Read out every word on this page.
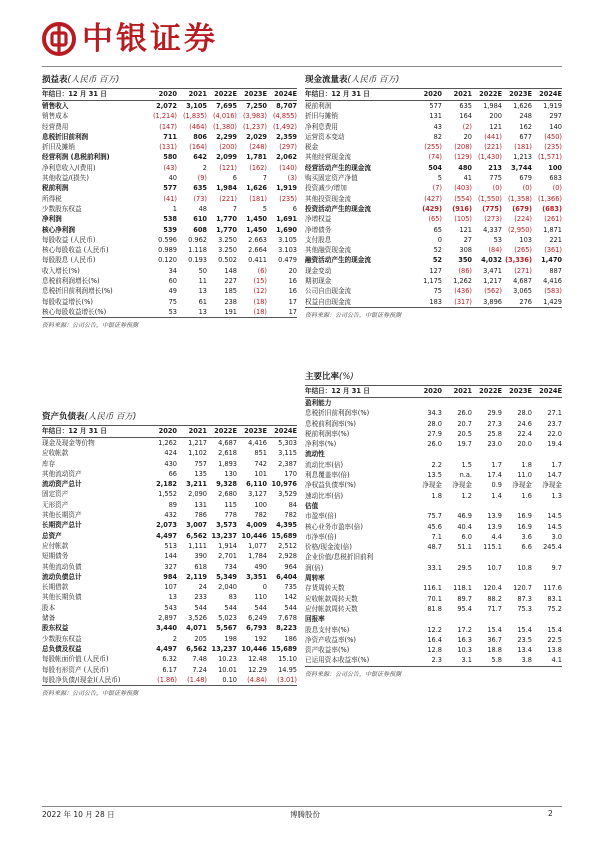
中银证券
损益表(人民币 百万)
年结日：12 月 31 日	2020	2021	2022E	2023E	2024E
销售收入	2,072	3,105	7,695	7,250	8,707
销售成本	(1,214) (1,835) (4,016) (3,983) (4,855)
经营费用	(147)	(464) (1,380) (1,237) (1,492)
息税折旧前利润	711	806	2,299	2,029	2,359
折旧及摊销	(131)	(164)	(200)	(248)	(297)
经营利润 (息税前利润)	580	642	2,099	1,781	2,062
净利息收入/(费用)	(43)	2	(121)	(162)	(140)
其他收益/(损失)	40	(9)	6	7	(3)
税前利润	577	635	1,984	1,626	1,919
所得税	(41)	(73)	(221)	(181)	(235)
少数股东权益	1	48	7	5	6
净利润	538	610	1,770	1,450	1,691
核心净利润	539	608	1,770	1,450	1,690
每股收益 (人民币)	0.596	0.962	3.250	2.663	3.105
核心每股收益 (人民币)	0.989	1.118	3.250	2.664	3.103
每股股息 (人民币)	0.120	0.193	0.502	0.411	0.479
收入增长(%)	34	50	148	(6)	20
息税前利润增长(%)	60	11	227	(15)	16
息税折旧前利润增长(%)	49	13	185	(12)	16
每股收益增长(%)	75	61	238	(18)	17
核心每股收益增长(%)	53	13	191	(18)	17
资料来源：公司公告，中银证券预测
资产负债表(人民币 百万)
年结日：12 月 31 日	2020	2021	2022E	2023E	2024E
现金及现金等价物	1,262	1,217	4,687	4,416	5,303
应收帐款	424	1,102	2,618	851	3,115
库存	430	757	1,893	742	2,387
其他流动资产	66	135	130	101	170
流动资产总计	2,182	3,211	9,328	6,110 10,976
固定资产	1,552	2,090	2,680	3,127	3,529
无形资产	89	131	115	100	84
其他长期资产	432	786	778	782	782
长期资产总计	2,073	3,007	3,573	4,009	4,395
总资产	4,497	6,562 13,237 10,446 15,689
应付帐款	513	1,111	1,914	1,077	2,512
短期债务	144	390	2,701	1,784	2,928
其他流动负债	327	618	734	490	964
流动负债总计	984	2,119	5,349	3,351	6,404
长期借款	107	24	2,040	0	735
其他长期负债	13	233	83	110	142
股本	543	544	544	544	544
储备	2,897	3,526	5,023	6,249	7,678
股东权益	3,440	4,071	5,567	6,793	8,223
少数股东权益	2	205	198	192	186
总负债及权益	4,497	6,562 13,237 10,446 15,689
每股帐面价值 (人民币)	6.32	7.48	10.23	12.48	15.10
每股有形资产 (人民币)	6.17	7.24	10.01	12.29	14.95
每股净负债/(现金)(人民币)	(1.86)	(1.48)	0.10	(4.84)	(3.01)
资料来源：公司公告，中银证券预测
现金流量表(人民币 百万)
年结日：12 月 31 日	2020	2021	2022E	2023E	2024E
税前利润	577	635	1,984	1,626	1,919
折旧与摊销	131	164	200	248	297
净利息费用	43	(2)	121	162	140
运营资本变动	82	20	(441)	677	(450)
税金	(255)	(208)	(221)	(181)	(235)
其他经营现金流	(74)	(129) (1,430)	1,213 (1,571)
经营活动产生的现金流	504	480	213	3,744	100
购买固定资产净值	5	41	775	679	683
投资减少/增加	(7)	(403)	(0)	(0)	(0)
其他投资现金流	(427)	(554) (1,550) (1,358) (1,366)
投资活动产生的现金流	(429)	(916)	(775)	(679)	(683)
净增权益	(65)	(105)	(273)	(224)	(261)
净增债务	65	121	4,337 (2,950)	1,871
支付股息	0	27	53	103	221
其他融资现金流	52	308	(84)	(265)	(361)
融资活动产生的现金流	52	350	4,032 (3,336)	1,470
现金变动	127	(86)	3,471	(271)	887
期初现金	1,175	1,262	1,217	4,687	4,416
公司自由现金流	75	(436)	(562)	3,065	(583)
权益自由现金流	183	(317)	3,896	276	1,429
资料来源：公司公告，中银证券预测
主要比率(%)
年结日：12 月 31 日	2020	2021	2022E	2023E	2024E
盈利能力
息税折旧前利润率(%)	34.3	26.0	29.9	28.0	27.1
息税前利润率(%)	28.0	20.7	27.3	24.6	23.7
税前利润率(%)	27.9	20.5	25.8	22.4	22.0
净利率(%)	26.0	19.7	23.0	20.0	19.4
流动性
流动比率(倍)	2.2	1.5	1.7	1.8	1.7
利息覆盖率(倍)	13.5	n.a.	17.4	11.0	14.7
净权益负债率(%)	净现金	净现金	0.9	净现金	净现金
速动比率(倍)	1.8	1.2	1.4	1.6	1.3
估值
市盈率(倍)	75.7	46.9	13.9	16.9	14.5
核心业务市盈率(倍)	45.6	40.4	13.9	16.9	14.5
市净率(倍)	7.1	6.0	4.4	3.6	3.0
价格/现金流(倍)	48.7	51.1	115.1	6.6	245.4
企业价值/息税折旧前利
润(倍)	33.1	29.5	10.7	10.8	9.7
周转率
存货周转天数	116.1	118.1	120.4	120.7	117.6
应收帐款周转天数	70.1	89.7	88.2	87.3	83.1
应付帐款周转天数	81.8	95.4	71.7	75.3	75.2
回报率
股息支付率(%)	12.2	17.2	15.4	15.4	15.4
净资产收益率(%)	16.4	16.3	36.7	23.5	22.5
资产收益率(%)	12.8	10.3	18.8	13.4	13.8
已运用资本收益率(%)	2.3	3.1	5.8	3.8	4.1
资料来源：公司公告，中银证券预测
2022 年 10 月 28 日	博腾股份	2
